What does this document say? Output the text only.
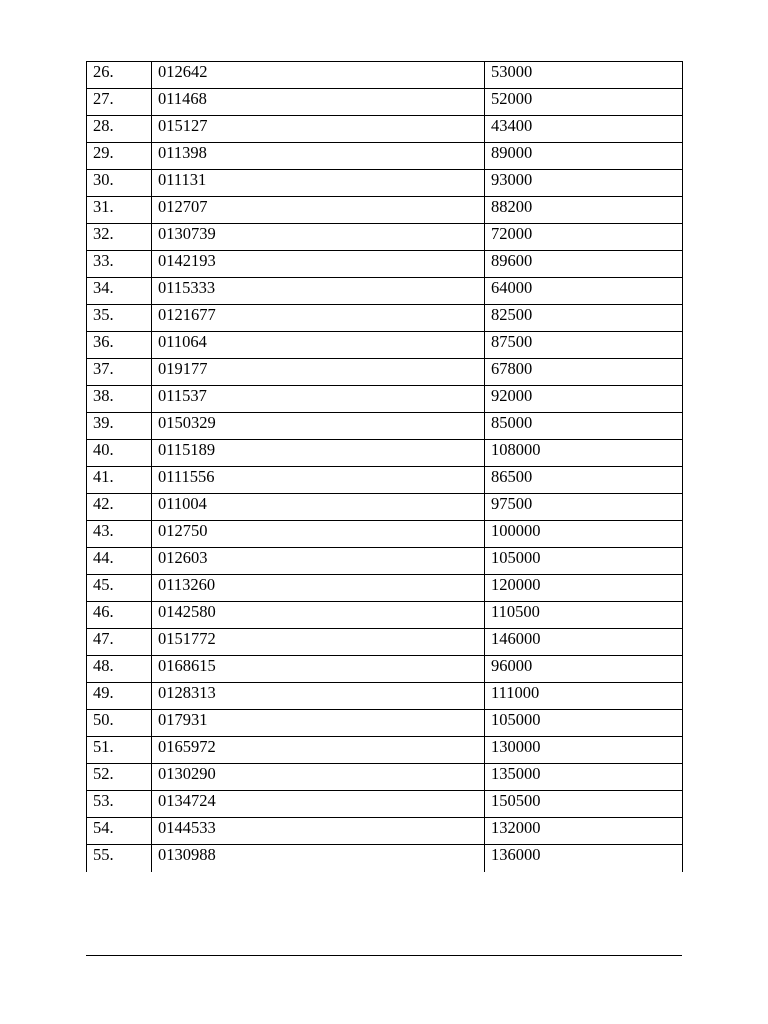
26.	012642	53000
27.	011468	52000
28.	015127	43400
29.	011398	89000
30.	011131	93000
31.	012707	88200
32.	0130739	72000
33.	0142193	89600
34.	0115333	64000
35.	0121677	82500
36.	011064	87500
37.	019177	67800
38.	011537	92000
39.	0150329	85000
40.	0115189	108000
41.	0111556	86500
42.	011004	97500
43.	012750	100000
44.	012603	105000
45.	0113260	120000
46.	0142580	110500
47.	0151772	146000
48.	0168615	96000
49.	0128313	111000
50.	017931	105000
51.	0165972	130000
52.	0130290	135000
53.	0134724	150500
54.	0144533	132000
55.	0130988	136000
